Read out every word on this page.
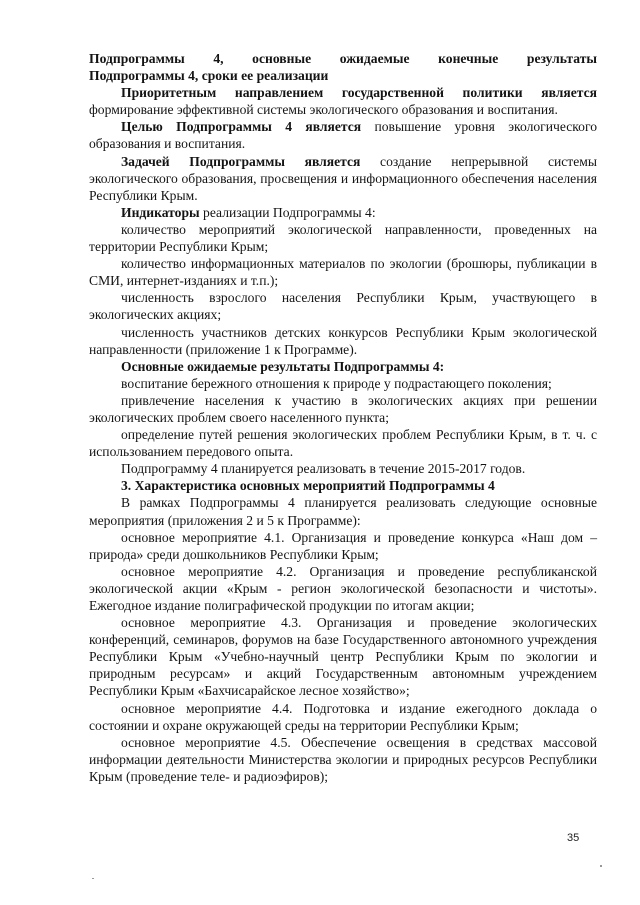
Подпрограммы 4, основные ожидаемые конечные результаты

Подпрограммы 4, сроки ее реализации

Приоритетным направлением государственной политики является формирование эффективной системы экологического образования и воспитания.

Целью Подпрограммы 4 является повышение уровня экологического образования и воспитания.

Задачей Подпрограммы является создание непрерывной системы экологического образования, просвещения и информационного обеспечения населения Республики Крым.

Индикаторы реализации Подпрограммы 4:

количество мероприятий экологической направленности, проведенных на территории Республики Крым;

количество информационных материалов по экологии (брошюры, публикации в СМИ, интернет-изданиях и т.п.);

численность взрослого населения Республики Крым, участвующего в экологических акциях;

численность участников детских конкурсов Республики Крым экологической направленности (приложение 1 к Программе).

Основные ожидаемые результаты Подпрограммы 4:

воспитание бережного отношения к природе у подрастающего поколения;

привлечение населения к участию в экологических акциях при решении экологических проблем своего населенного пункта;

определение путей решения экологических проблем Республики Крым, в т. ч. с использованием передового опыта.

Подпрограмму 4 планируется реализовать в течение 2015-2017 годов.

3. Характеристика основных мероприятий Подпрограммы 4

В рамках Подпрограммы 4 планируется реализовать следующие основные мероприятия (приложения 2 и 5 к Программе):

основное мероприятие 4.1. Организация и проведение конкурса «Наш дом – природа» среди дошкольников Республики Крым;

основное мероприятие 4.2. Организация и проведение республиканской экологической акции «Крым - регион экологической безопасности и чистоты». Ежегодное издание полиграфической продукции по итогам акции;

основное мероприятие 4.3. Организация и проведение экологических конференций, семинаров, форумов на базе Государственного автономного учреждения Республики Крым «Учебно-научный центр Республики Крым по экологии и природным ресурсам» и акций Государственным автономным учреждением Республики Крым «Бахчисарайское лесное хозяйство»;

основное мероприятие 4.4. Подготовка и издание ежегодного доклада о состоянии и охране окружающей среды на территории Республики Крым;

основное мероприятие 4.5. Обеспечение освещения в средствах массовой информации деятельности Министерства экологии и природных ресурсов Республики Крым (проведение теле- и радиоэфиров);

35
